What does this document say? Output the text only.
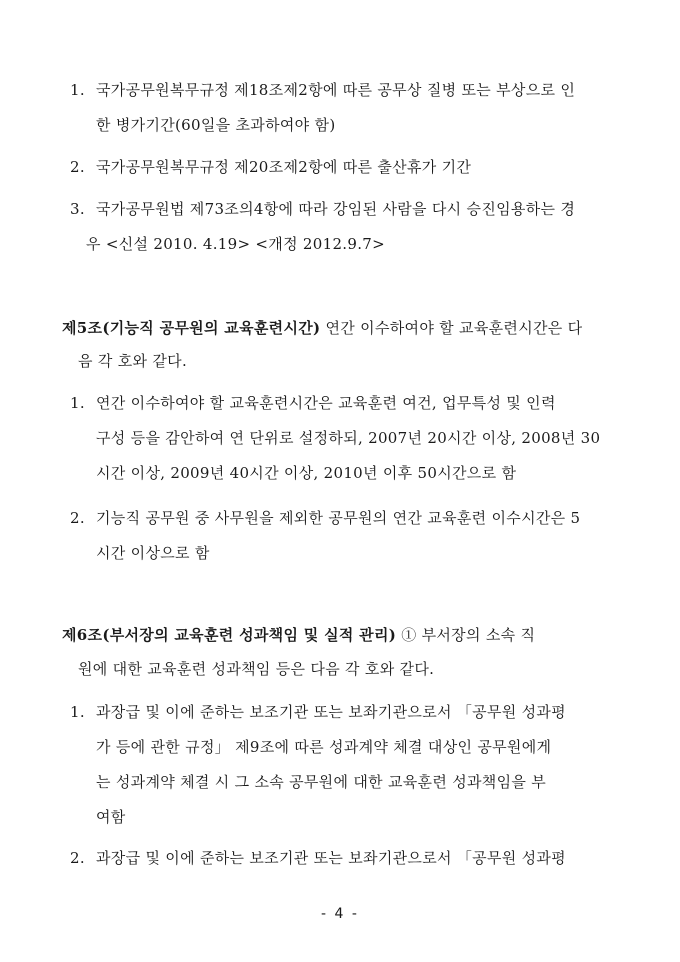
1. 국가공무원복무규정 제18조제2항에 따른 공무상 질병 또는 부상으로 인
한 병가기간(60일을 초과하여야 함)
2. 국가공무원복무규정 제20조제2항에 따른 출산휴가 기간
3. 국가공무원법 제73조의4항에 따라 강임된 사람을 다시 승진임용하는 경
우 <신설 2010. 4.19> <개정 2012.9.7>
제5조(기능직 공무원의 교육훈련시간) 연간 이수하여야 할 교육훈련시간은 다
음 각 호와 같다.
1. 연간 이수하여야 할 교육훈련시간은 교육훈련 여건, 업무특성 및 인력
구성 등을 감안하여 연 단위로 설정하되, 2007년 20시간 이상, 2008년 30
시간 이상, 2009년 40시간 이상, 2010년 이후 50시간으로 함
2. 기능직 공무원 중 사무원을 제외한 공무원의 연간 교육훈련 이수시간은 5
시간 이상으로 함
제6조(부서장의 교육훈련 성과책임 및 실적 관리) ① 부서장의 소속 직
원에 대한 교육훈련 성과책임 등은 다음 각 호와 같다.
1. 과장급 및 이에 준하는 보조기관 또는 보좌기관으로서 「공무원 성과평
가 등에 관한 규정」 제9조에 따른 성과계약 체결 대상인 공무원에게
는 성과계약 체결 시 그 소속 공무원에 대한 교육훈련 성과책임을 부
여함
2. 과장급 및 이에 준하는 보조기관 또는 보좌기관으로서 「공무원 성과평
- 4 -
